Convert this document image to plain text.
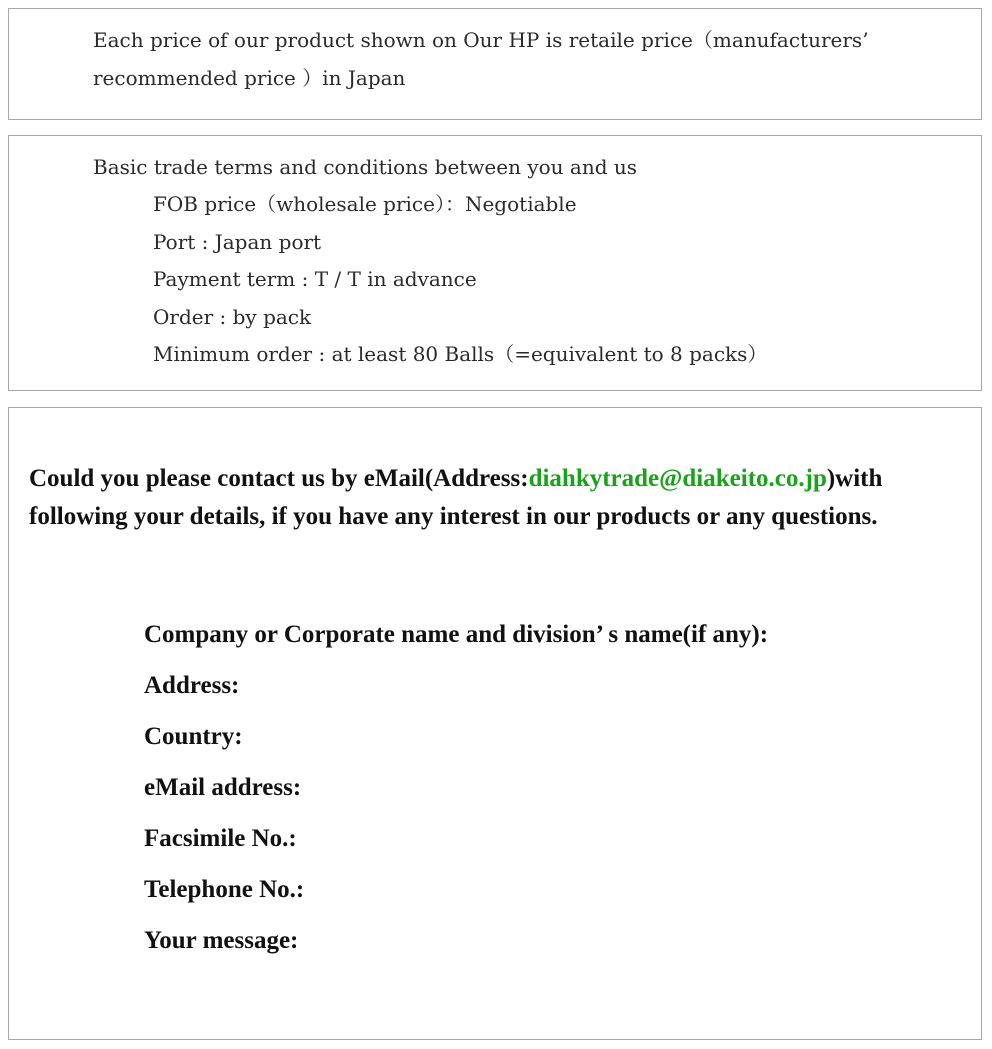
Each price of our product shown on Our HP is retaile price（manufacturers’
recommended price ）in Japan
Basic trade terms and conditions between you and us
FOB price（wholesale price）：Negotiable
Port : Japan port
Payment term : T / T in advance
Order : by pack
Minimum order : at least 80 Balls（=equivalent to 8 packs）
Could you please contact us by eMail(Address:diahkytrade@diakeito.co.jp)with
following your details, if you have any interest in our products or any questions.
Company or Corporate name and division’ s name(if any):
Address:
Country:
eMail address:
Facsimile No.:
Telephone No.:
Your message:
